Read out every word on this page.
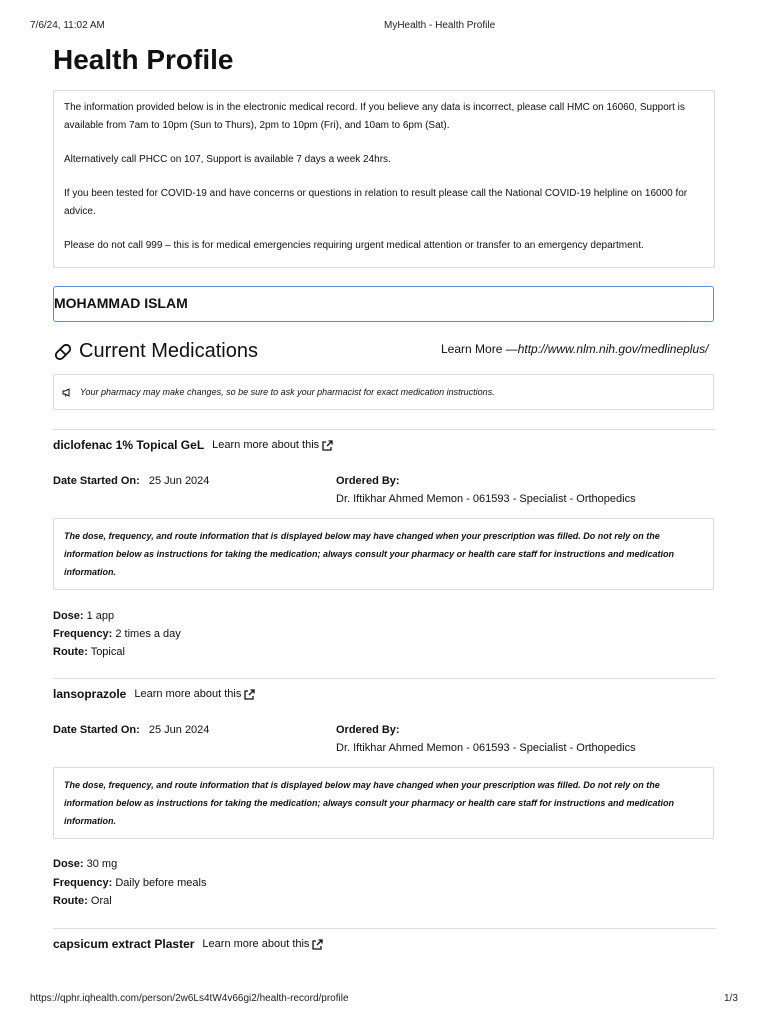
7/6/24, 11:02 AM	MyHealth - Health Profile
Health Profile

The information provided below is in the electronic medical record. If you believe any data is incorrect, please call HMC on 16060, Support is available from 7am to 10pm (Sun to Thurs), 2pm to 10pm (Fri), and 10am to 6pm (Sat).

Alternatively call PHCC on 107, Support is available 7 days a week 24hrs.

If you been tested for COVID-19 and have concerns or questions in relation to result please call the National COVID-19 helpline on 16000 for advice.

Please do not call 999 – this is for medical emergencies requiring urgent medical attention or transfer to an emergency department.

MOHAMMAD ISLAM
Current Medications	Learn More —http://www.nlm.nih.gov/medlineplus/
Your pharmacy may make changes, so be sure to ask your pharmacist for exact medication instructions.
diclofenac 1% Topical GeL Learn more about this
Date Started On: 25 Jun 2024	Ordered By:
Dr. Iftikhar Ahmed Memon - 061593 - Specialist - Orthopedics
The dose, frequency, and route information that is displayed below may have changed when your prescription was filled. Do not rely on the information below as instructions for taking the medication; always consult your pharmacy or health care staff for instructions and medication information.
Dose: 1 app
Frequency: 2 times a day
Route: Topical
lansoprazole Learn more about this
Date Started On: 25 Jun 2024	Ordered By:
Dr. Iftikhar Ahmed Memon - 061593 - Specialist - Orthopedics
The dose, frequency, and route information that is displayed below may have changed when your prescription was filled. Do not rely on the information below as instructions for taking the medication; always consult your pharmacy or health care staff for instructions and medication information.
Dose: 30 mg
Frequency: Daily before meals
Route: Oral
capsicum extract Plaster Learn more about this
https://qphr.iqhealth.com/person/2w6Ls4tW4v66gi2/health-record/profile	1/3
